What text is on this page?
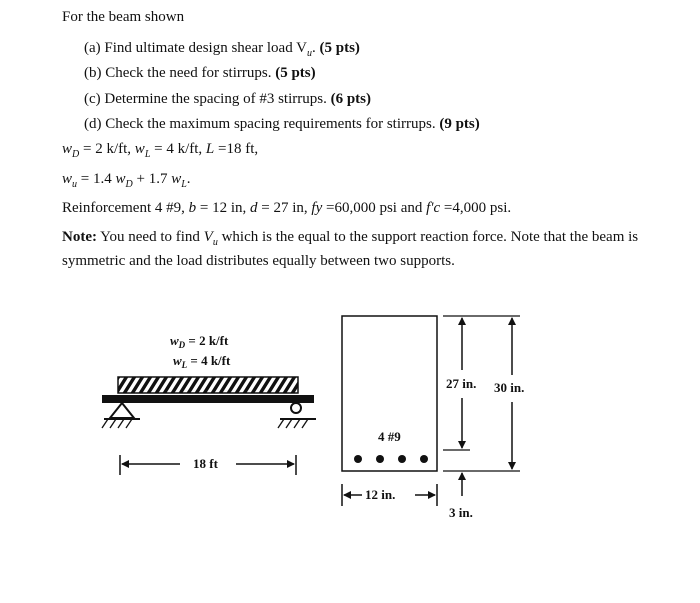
For the beam shown
(a) Find ultimate design shear load $V_u$. (5 pts)
(b) Check the need for stirrups. (5 pts)
(c) Determine the spacing of #3 stirrups. (6 pts)
(d) Check the maximum spacing requirements for stirrups. (9 pts)
$w_D = 2$ k/ft, $w_L = 4$ k/ft, L =18 ft,
$w_u = 1.4$ $w_D + 1.7$ $w_L$.
Reinforcement 4 #9, b = 12 in, d = 27 in, fy =60,000 psi and f'c =4,000 psi.
Note: You need to find $V_u$ which is the equal to the support reaction force. Note that the beam is symmetric and the load distributes equally between two supports.
$w_D = 2$ k/ft
$w_L = 4$ k/ft
18 ft
4 #9
12 in.
27 in. 30 in.
3 in.
